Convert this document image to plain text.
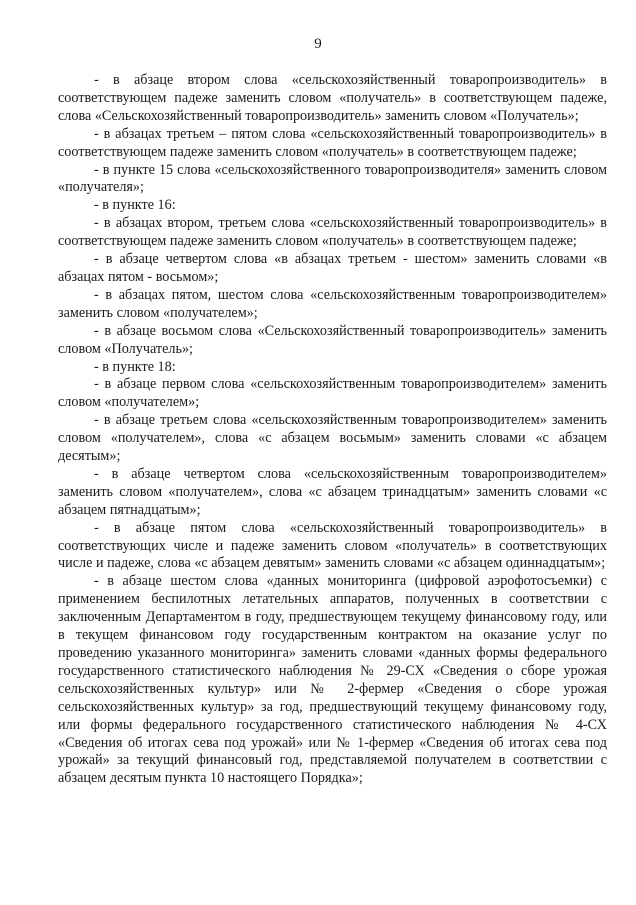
9

- в абзаце втором слова «сельскохозяйственный товаропроизводитель» в соответствующем падеже заменить словом «получатель» в соответствующем падеже, слова «Сельскохозяйственный товаропроизводитель» заменить словом «Получатель»;

- в абзацах третьем – пятом слова «сельскохозяйственный товаропроизводитель» в соответствующем падеже заменить словом «получатель» в соответствующем падеже;

- в пункте 15 слова «сельскохозяйственного товаропроизводителя» заменить словом «получателя»;

- в пункте 16:

- в абзацах втором, третьем слова «сельскохозяйственный товаропроизводитель» в соответствующем падеже заменить словом «получатель» в соответствующем падеже;

- в абзаце четвертом слова «в абзацах третьем - шестом» заменить словами «в абзацах пятом - восьмом»;

- в абзацах пятом, шестом слова «сельскохозяйственным товаропроизводителем» заменить словом «получателем»;

- в абзаце восьмом слова «Сельскохозяйственный товаропроизводитель» заменить словом «Получатель»;

- в пункте 18:

- в абзаце первом слова «сельскохозяйственным товаропроизводителем» заменить словом «получателем»;

- в абзаце третьем слова «сельскохозяйственным товаропроизводителем» заменить словом «получателем», слова «с абзацем восьмым» заменить словами «с абзацем десятым»;

- в абзаце четвертом слова «сельскохозяйственным товаропроизводителем» заменить словом «получателем», слова «с абзацем тринадцатым» заменить словами «с абзацем пятнадцатым»;

- в абзаце пятом слова «сельскохозяйственный товаропроизводитель» в соответствующих числе и падеже заменить словом «получатель» в соответствующих числе и падеже, слова «с абзацем девятым» заменить словами «с абзацем одиннадцатым»;

- в абзаце шестом слова «данных мониторинга (цифровой аэрофотосъемки) с применением беспилотных летательных аппаратов, полученных в соответствии с заключенным Департаментом в году, предшествующем текущему финансовому году, или в текущем финансовом году государственным контрактом на оказание услуг по проведению указанного мониторинга» заменить словами «данных формы федерального государственного статистического наблюдения № 29-СХ «Сведения о сборе урожая сельскохозяйственных культур» или № 2-фермер «Сведения о сборе урожая сельскохозяйственных культур» за год, предшествующий текущему финансовому году, или формы федерального государственного статистического наблюдения № 4-СХ «Сведения об итогах сева под урожай» или № 1-фермер «Сведения об итогах сева под урожай» за текущий финансовый год, представляемой получателем в соответствии с абзацем десятым пункта 10 настоящего Порядка»;
